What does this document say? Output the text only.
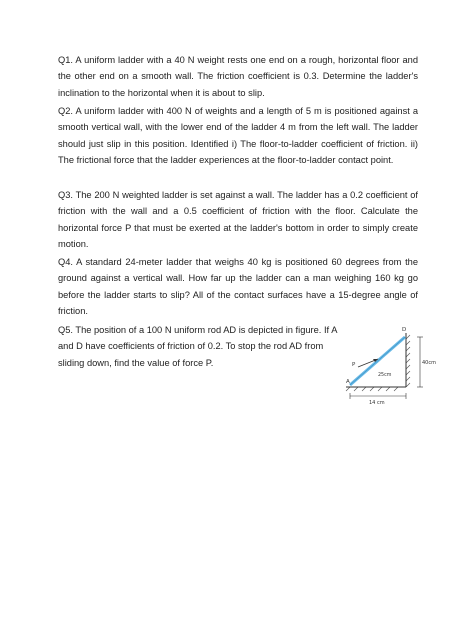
Q1. A uniform ladder with a 40 N weight rests one end on a rough, horizontal floor and the other end on a smooth wall. The friction coefficient is 0.3. Determine the ladder's inclination to the horizontal when it is about to slip.

Q2. A uniform ladder with 400 N of weights and a length of 5 m is positioned against a smooth vertical wall, with the lower end of the ladder 4 m from the left wall. The ladder should just slip in this position. Identified i) The floor-to-ladder coefficient of friction. ii) The frictional force that the ladder experiences at the floor-to-ladder contact point.

Q3. The 200 N weighted ladder is set against a wall. The ladder has a 0.2 coefficient of friction with the wall and a 0.5 coefficient of friction with the floor. Calculate the horizontal force P that must be exerted at the ladder's bottom in order to simply create motion.

Q4. A standard 24-meter ladder that weighs 40 kg is positioned 60 degrees from the ground against a vertical wall. How far up the ladder can a man weighing 160 kg go before the ladder starts to slip? All of the contact surfaces have a 15-degree angle of friction.

Q5. The position of a 100 N uniform rod AD is depicted in figure. If A and D have coefficients of friction of 0.2. To stop the rod AD from sliding down, find the value of force P.

D
A
P	40cm
25cm
14 cm
